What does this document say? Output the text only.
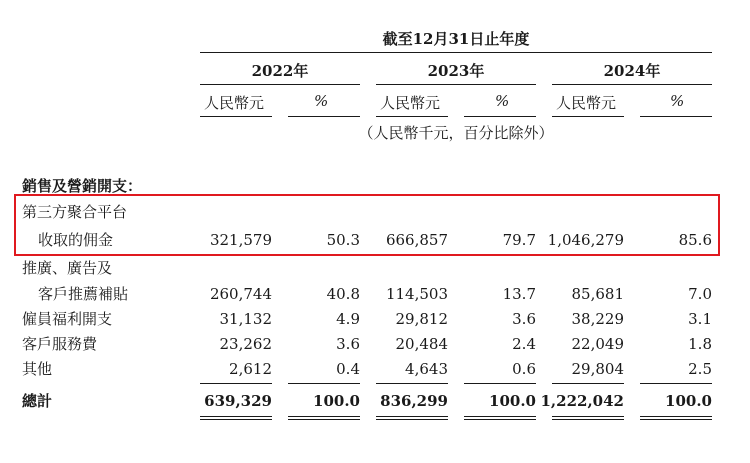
截至12月31日止年度
2022年	2023年	2024年
人民幣元	%	人民幣元	%	人民幣元	%
（人民幣千元，百分比除外）
銷售及營銷開支：
第三方聚合平台
收取的佣金	321,579	50.3	666,857	79.7 1,046,279	85.6
推廣、廣告及
客戶推薦補貼	260,744	40.8	114,503	13.7	85,681	7.0
僱員福利開支	31,132	4.9	29,812	3.6	38,229	3.1
客戶服務費	23,262	3.6	20,484	2.4	22,049	1.8
其他	2,612	0.4	4,643	0.6	29,804	2.5
總計	639,329	100.0	836,299	100.0 1,222,042	100.0
